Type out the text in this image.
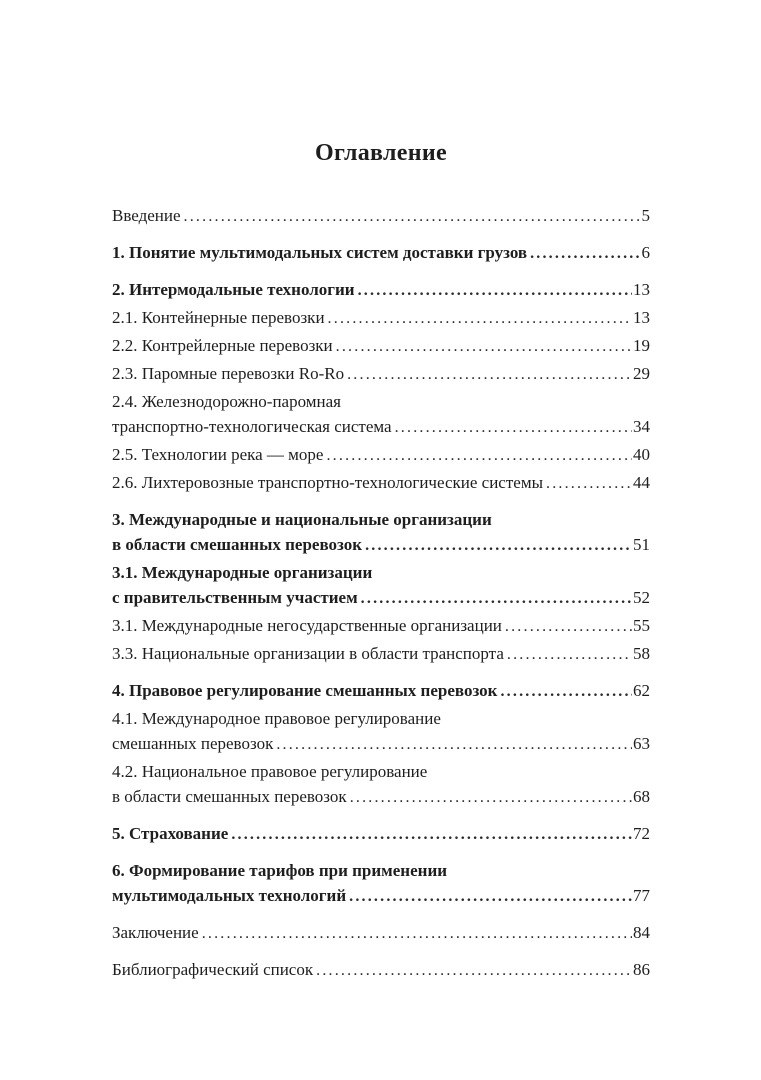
Оглавление
Введение .....	5
1. Понятие мультимодальных систем доставки грузов .....	6
2. Интермодальные технологии .....	13
2.1. Контейнерные перевозки .....	13
2.2. Контрейлерные перевозки .....	19
2.3. Паромные перевозки Ro-Ro .....	29
2.4. Железнодорожно-паромная
транспортно-технологическая система .....	34
2.5. Технологии река — море .....	40
2.6. Лихтеровозные транспортно-технологические системы .....	44
3. Международные и национальные организации
в области смешанных перевозок .....	51
3.1. Международные организации
с правительственным участием .....	52
3.1. Международные негосударственные организации .....	55
3.3. Национальные организации в области транспорта .....	58
4. Правовое регулирование смешанных перевозок .....	62
4.1. Международное правовое регулирование
смешанных перевозок .....	63
4.2. Национальное правовое регулирование
в области смешанных перевозок .....	68
5. Страхование .....	72
6. Формирование тарифов при применении
мультимодальных технологий .....	77
Заключение .....	84
Библиографический список .....	86
